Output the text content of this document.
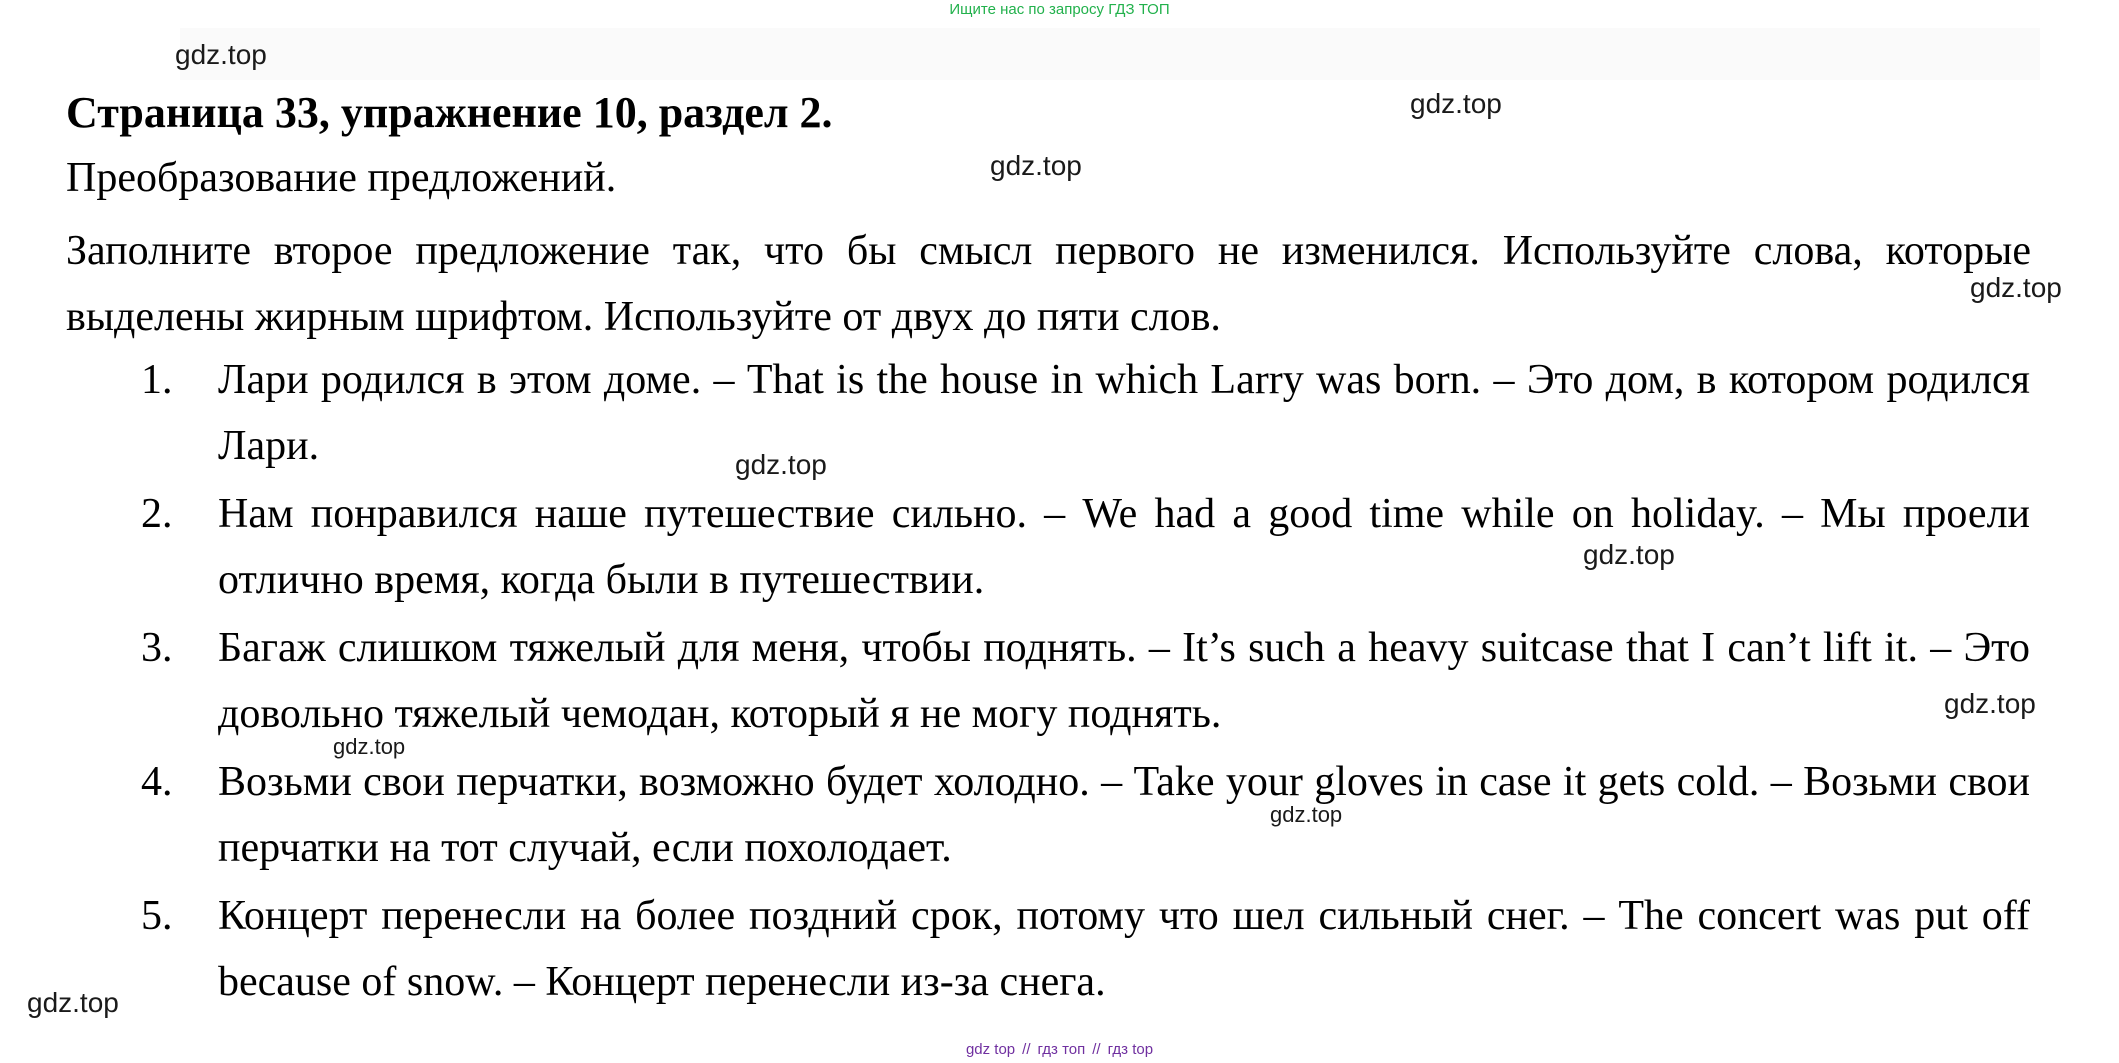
Ищите нас по запросу ГДЗ ТОП
gdz.top
gdz.top
gdz.top
gdz.top
gdz.top
gdz.top
gdz.top
gdz.top
gdz.top
gdz.top
Страница 33, упражнение 10, раздел 2.

Преобразование предложений.

Заполните второе предложение так, что бы смысл первого не изменился. Используйте слова, которые выделены жирным шрифтом. Используйте от двух до пяти слов.

1. Лари родился в этом доме. – That is the house in which Larry was born. – Это дом, в котором родился Лари.

2. Нам понравился наше путешествие сильно. – We had a good time while on holiday. – Мы проели отлично время, когда были в путешествии.

3. Багаж слишком тяжелый для меня, чтобы поднять. – It’s such a heavy suitcase that I can’t lift it. – Это довольно тяжелый чемодан, который я не могу поднять.

4. Возьми свои перчатки, возможно будет холодно. – Take your gloves in case it gets cold. – Возьми свои перчатки на тот случай, если похолодает.

5. Концерт перенесли на более поздний срок, потому что шел сильный снег. – The concert was put off because of snow. – Концерт перенесли из-за снега.

gdz top // гдз топ // гдз top
